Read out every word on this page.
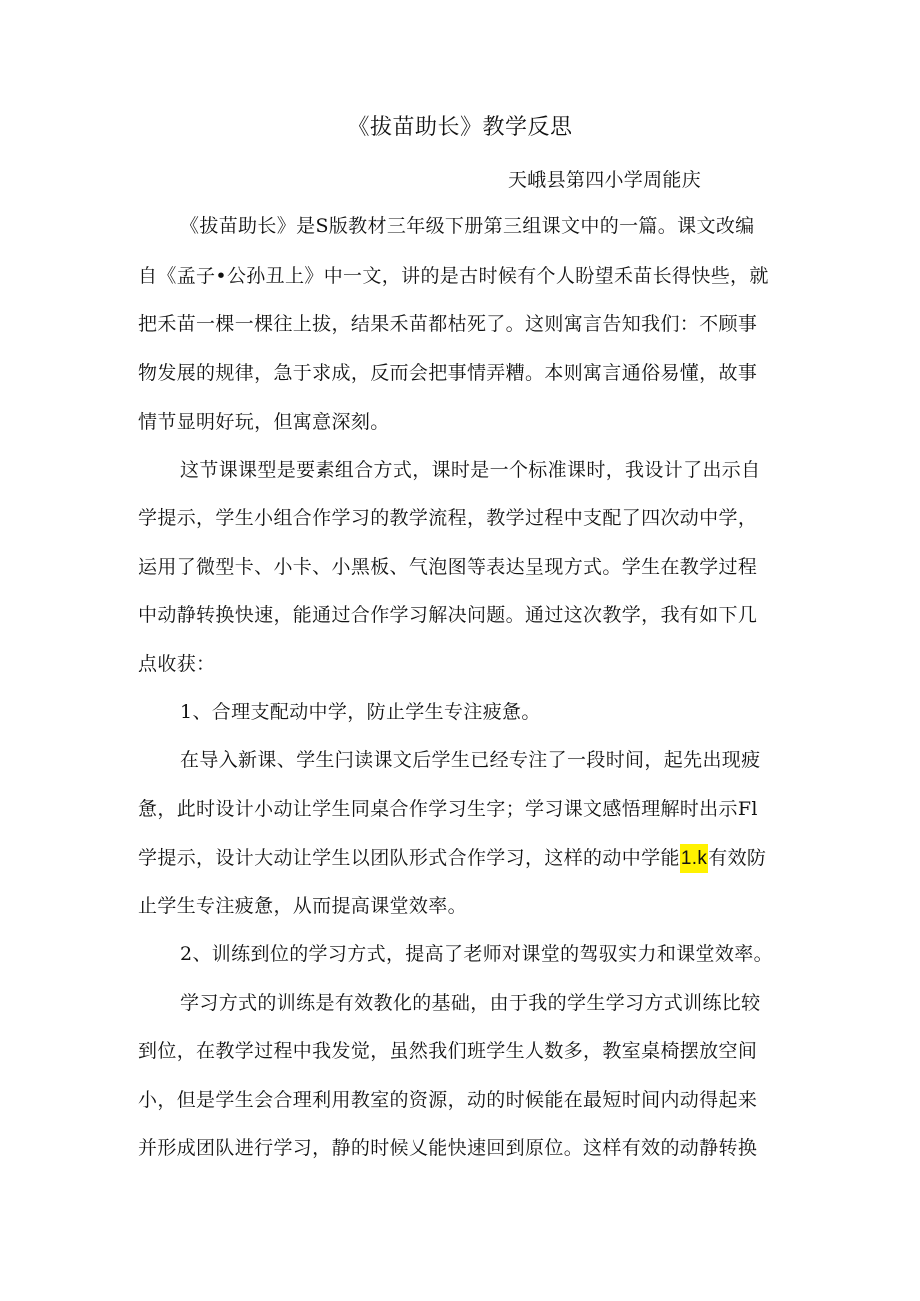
《拔苗助长》教学反思
天峨县第四小学周能庆
《拔苗助长》是S版教材三年级下册第三组课文中的一篇。课文改编
自《孟子•公孙丑上》中一文，讲的是古时候有个人盼望禾苗长得快些，就
把禾苗一棵一棵往上拔，结果禾苗都枯死了。这则寓言告知我们：不顾事
物发展的规律，急于求成，反而会把事情弄糟。本则寓言通俗易懂，故事
情节显明好玩，但寓意深刻。
这节课课型是要素组合方式，课时是一个标准课时，我设计了出示自
学提示，学生小组合作学习的教学流程，教学过程中支配了四次动中学，
运用了微型卡、小卡、小黑板、气泡图等表达呈现方式。学生在教学过程
中动静转换快速，能通过合作学习解决问题。通过这次教学，我有如下几
点收获：
1、合理支配动中学，防止学生专注疲惫。
在导入新课、学生闩读课文后学生已经专注了一段时间，起先出现疲
惫，此时设计小动让学生同桌合作学习生字；学习课文感悟理解时出示Fl
学提示，设计大动让学生以团队形式合作学习，这样的动中学能1.k有效防
止学生专注疲惫，从而提高课堂效率。
2、训练到位的学习方式，提高了老师对课堂的驾驭实力和课堂效率。
学习方式的训练是有效教化的基础，由于我的学生学习方式训练比较
到位，在教学过程中我发觉，虽然我们班学生人数多，教室桌椅摆放空间
小，但是学生会合理利用教室的资源，动的时候能在最短时间内动得起来
并形成团队进行学习，静的时候乂能快速回到原位。这样有效的动静转换
